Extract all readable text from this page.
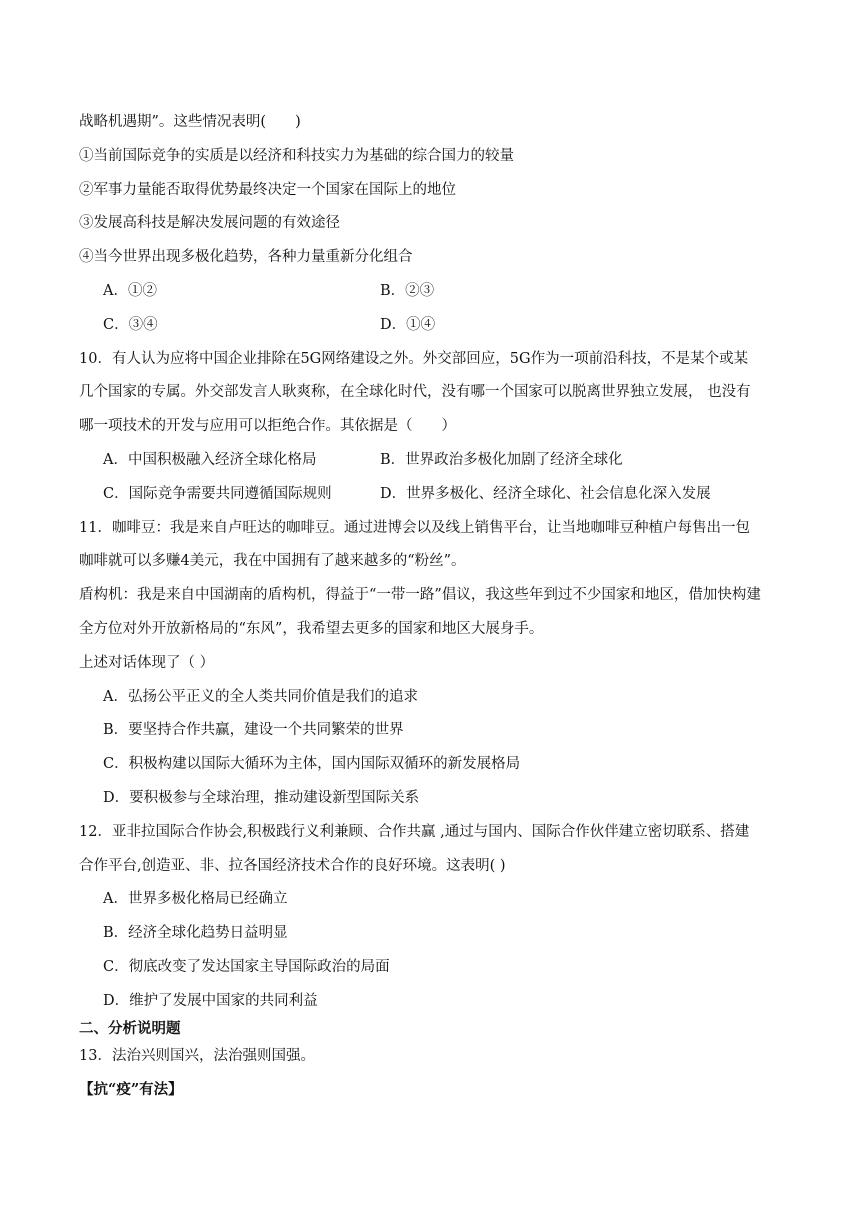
战略机遇期”。这些情况表明(　　)
①当前国际竞争的实质是以经济和科技实力为基础的综合国力的较量
②军事力量能否取得优势最终决定一个国家在国际上的地位
③发展高科技是解决发展问题的有效途径
④当今世界出现多极化趋势，各种力量重新分化组合
A．①②	B．②③
C．③④	D．①④
10．有人认为应将中国企业排除在5G网络建设之外。外交部回应，5G作为一项前沿科技，不是某个或某
几个国家的专属。外交部发言人耿爽称，在全球化时代，没有哪一个国家可以脱离世界独立发展， 也没有
哪一项技术的开发与应用可以拒绝合作。其依据是（　　）
A．中国积极融入经济全球化格局	B．世界政治多极化加剧了经济全球化
C．国际竞争需要共同遵循国际规则	D．世界多极化、经济全球化、社会信息化深入发展
11．咖啡豆：我是来自卢旺达的咖啡豆。通过进博会以及线上销售平台，让当地咖啡豆种植户每售出一包
咖啡就可以多赚4美元，我在中国拥有了越来越多的“粉丝”。
盾构机：我是来自中国湖南的盾构机，得益于“一带一路”倡议，我这些年到过不少国家和地区，借加快构建
全方位对外开放新格局的“东风”，我希望去更多的国家和地区大展身手。
上述对话体现了（ ）
A．弘扬公平正义的全人类共同价值是我们的追求
B．要坚持合作共赢，建设一个共同繁荣的世界
C．积极构建以国际大循环为主体，国内国际双循环的新发展格局
D．要积极参与全球治理，推动建设新型国际关系
12．亚非拉国际合作协会,积极践行义利兼顾、合作共赢 ,通过与国内、国际合作伙伴建立密切联系、搭建
合作平台,创造亚、非、拉各国经济技术合作的良好环境。这表明( )
A．世界多极化格局已经确立
B．经济全球化趋势日益明显
C．彻底改变了发达国家主导国际政治的局面
D．维护了发展中国家的共同利益
二、分析说明题
13．法治兴则国兴，法治强则国强。
【抗“疫”有法】
